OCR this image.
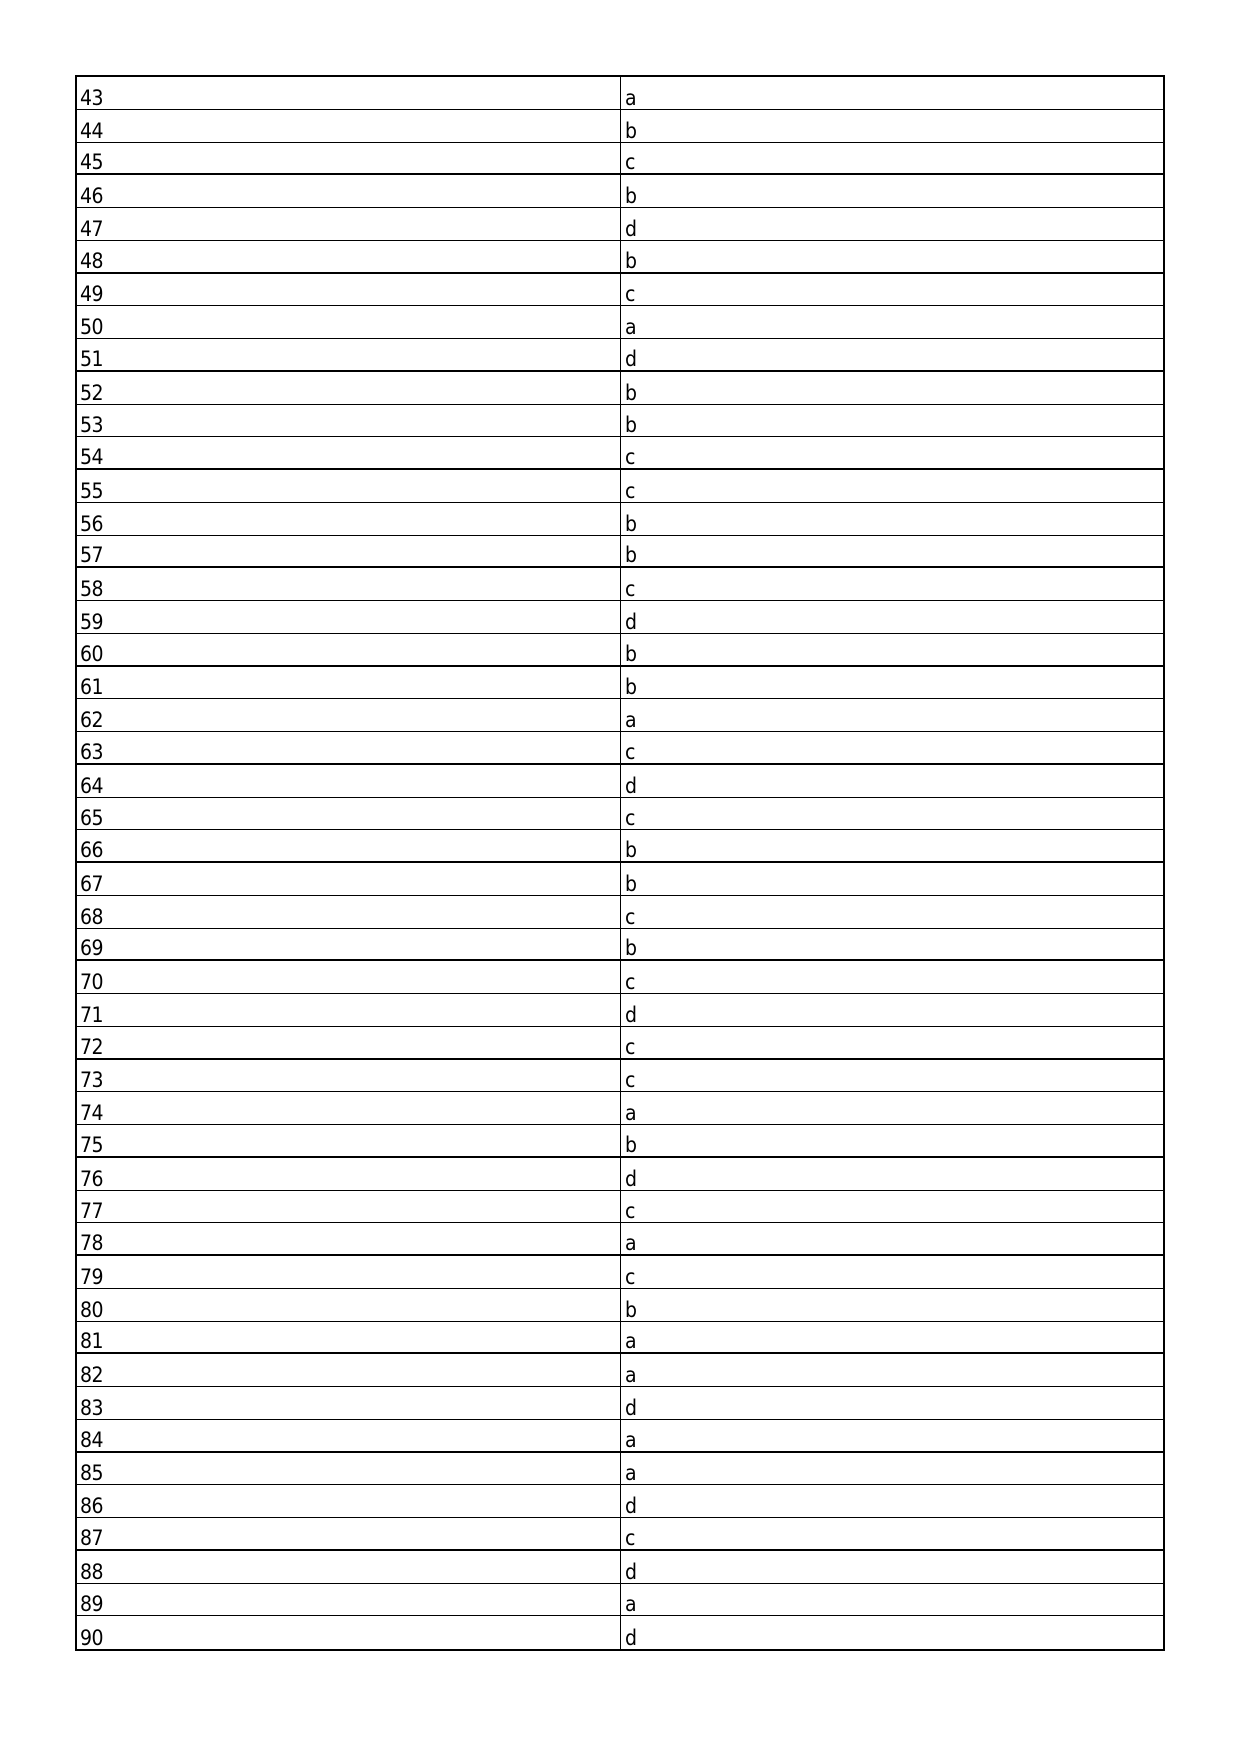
43	a
44	b
45	c
46	b
47	d
48	b
49	c
50	a
51	d
52	b
53	b
54	c
55	c
56	b
57	b
58	c
59	d
60	b
61	b
62	a
63	c
64	d
65	c
66	b
67	b
68	c
69	b
70	c
71	d
72	c
73	c
74	a
75	b
76	d
77	c
78	a
79	c
80	b
81	a
82	a
83	d
84	a
85	a
86	d
87	c
88	d
89	a
90	d
